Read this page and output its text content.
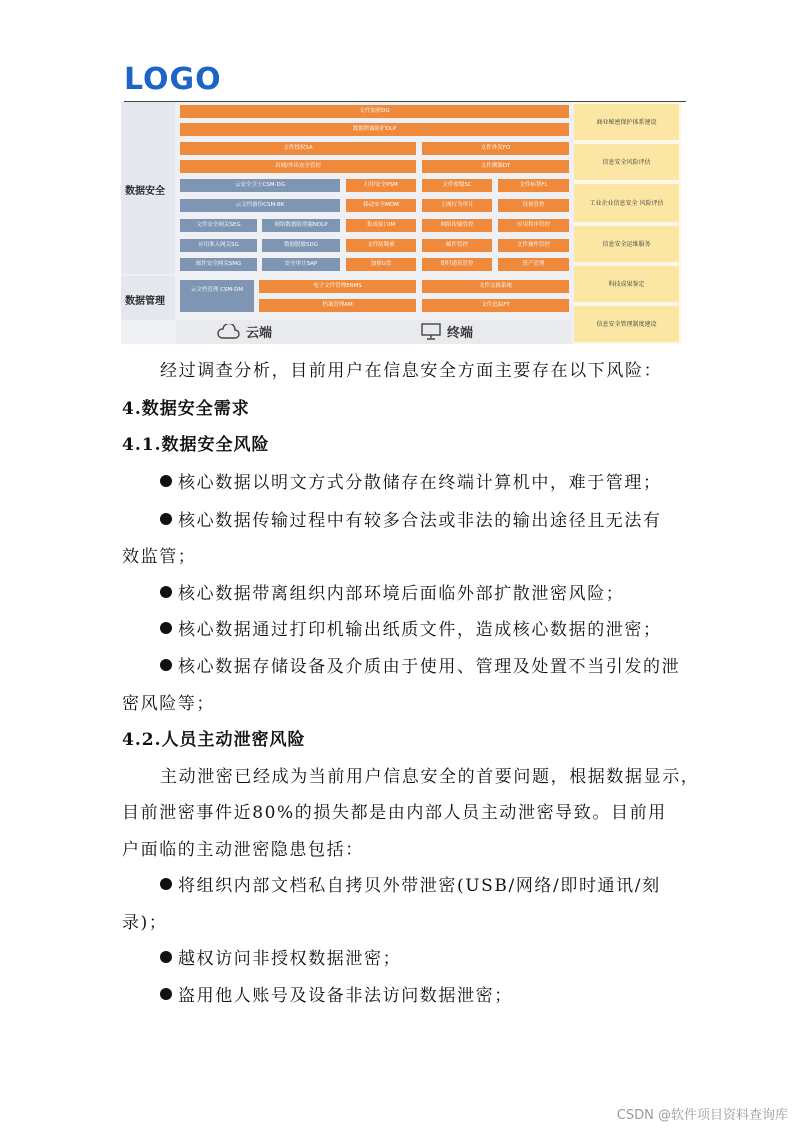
LOGO
数据安全
数据管理
文件加密DG
数据泄露防护DLP
文件授权SA	文件外发FO
出网/外出安全管控	文件溯源DT
云安全卫士CSM-DG	打印安全PSM	文件密级SC	文件标签FL
云文档备份CSM-BK	移动安全MDM	上网行为审计	设备管控
文件安全网关SEG	网络数据防泄漏NDLP	集成接口IM	网络传输管控	应用程序管控
应用准入网关SG	数据脱敏SDG	文件防勒索	邮件管控	文件操作管控
邮件安全网关SMG	安全审计SAP	加密U盘	即时通讯管控	资产管理
云文档管理 CSM-DM
电子文件管理ERMS	文件交换系统
档案管理AM	文件追踪FT
云端	终端
商业秘密保护体系建设
信息安全风险评估
工业企业信息安全 风险评估
信息安全运维服务
科技成果鉴定
信息安全管理制度建设
经过调查分析，目前用户在信息安全方面主要存在以下风险：
4.数据安全需求
4.1.数据安全风险
核心数据以明文方式分散储存在终端计算机中，难于管理；
核心数据传输过程中有较多合法或非法的输出途径且无法有
效监管；
核心数据带离组织内部环境后面临外部扩散泄密风险；
核心数据通过打印机输出纸质文件，造成核心数据的泄密；
核心数据存储设备及介质由于使用、管理及处置不当引发的泄
密风险等；
4.2.人员主动泄密风险
主动泄密已经成为当前用户信息安全的首要问题，根据数据显示，
目前泄密事件近80%的损失都是由内部人员主动泄密导致。目前用
户面临的主动泄密隐患包括：
将组织内部文档私自拷贝外带泄密(USB/网络/即时通讯/刻
录)；
越权访问非授权数据泄密；
盗用他人账号及设备非法访问数据泄密；
CSDN @软件项目资料查询库
